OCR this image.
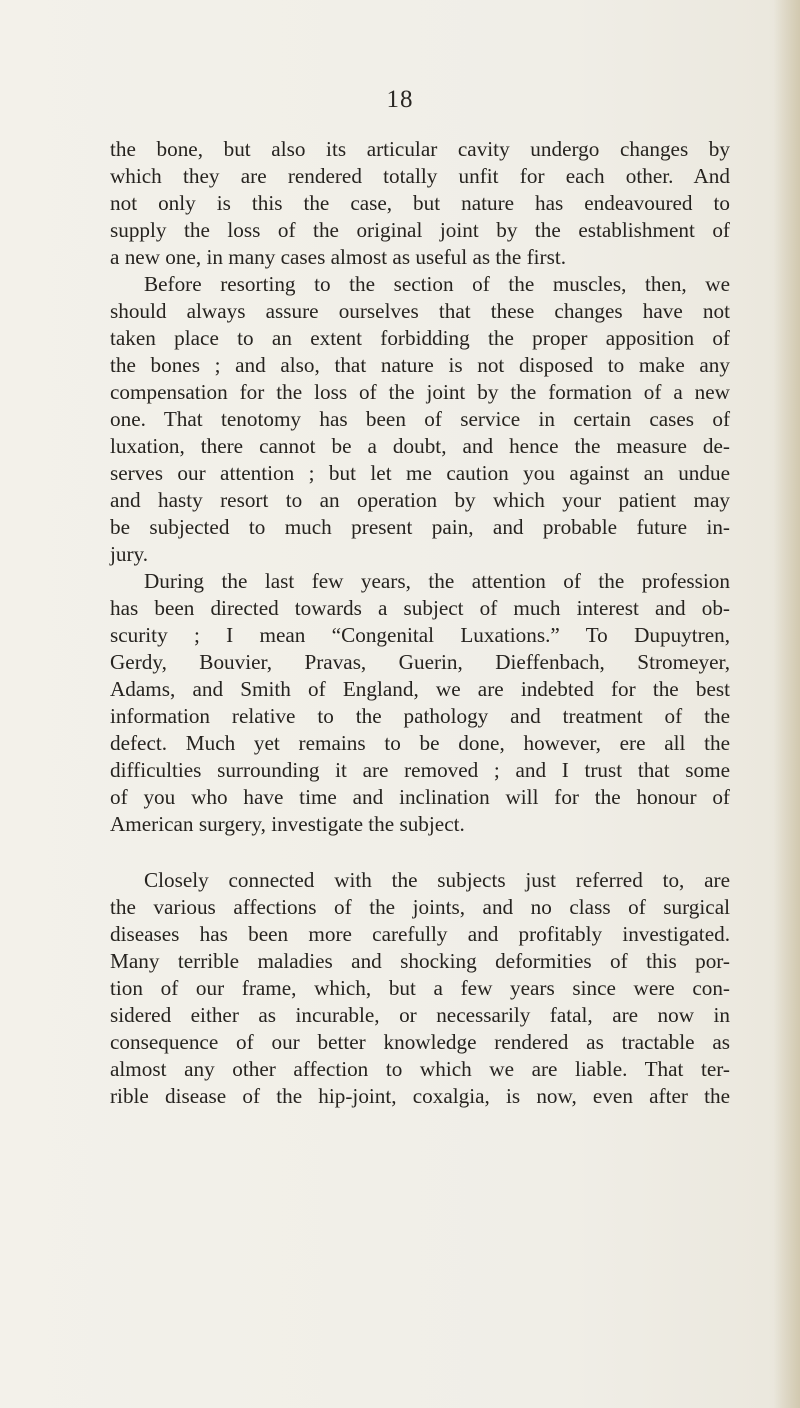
18
the bone, but also its articular cavity undergo changes by
which they are rendered totally unfit for each other. And
not only is this the case, but nature has endeavoured to
supply the loss of the original joint by the establishment of
a new one, in many cases almost as useful as the first.
Before resorting to the section of the muscles, then, we
should always assure ourselves that these changes have not
taken place to an extent forbidding the proper apposition of
the bones ; and also, that nature is not disposed to make any
compensation for the loss of the joint by the formation of a new
one. That tenotomy has been of service in certain cases of
luxation, there cannot be a doubt, and hence the measure de-
serves our attention ; but let me caution you against an undue
and hasty resort to an operation by which your patient may
be subjected to much present pain, and probable future in-
jury.
During the last few years, the attention of the profession
has been directed towards a subject of much interest and ob-
scurity ; I mean “Congenital Luxations.” To Dupuytren,
Gerdy, Bouvier, Pravas, Guerin, Dieffenbach, Stromeyer,
Adams, and Smith of England, we are indebted for the best
information relative to the pathology and treatment of the
defect. Much yet remains to be done, however, ere all the
difficulties surrounding it are removed ; and I trust that some
of you who have time and inclination will for the honour of
American surgery, investigate the subject.
Closely connected with the subjects just referred to, are
the various affections of the joints, and no class of surgical
diseases has been more carefully and profitably investigated.
Many terrible maladies and shocking deformities of this por-
tion of our frame, which, but a few years since were con-
sidered either as incurable, or necessarily fatal, are now in
consequence of our better knowledge rendered as tractable as
almost any other affection to which we are liable. That ter-
rible disease of the hip-joint, coxalgia, is now, even after the
